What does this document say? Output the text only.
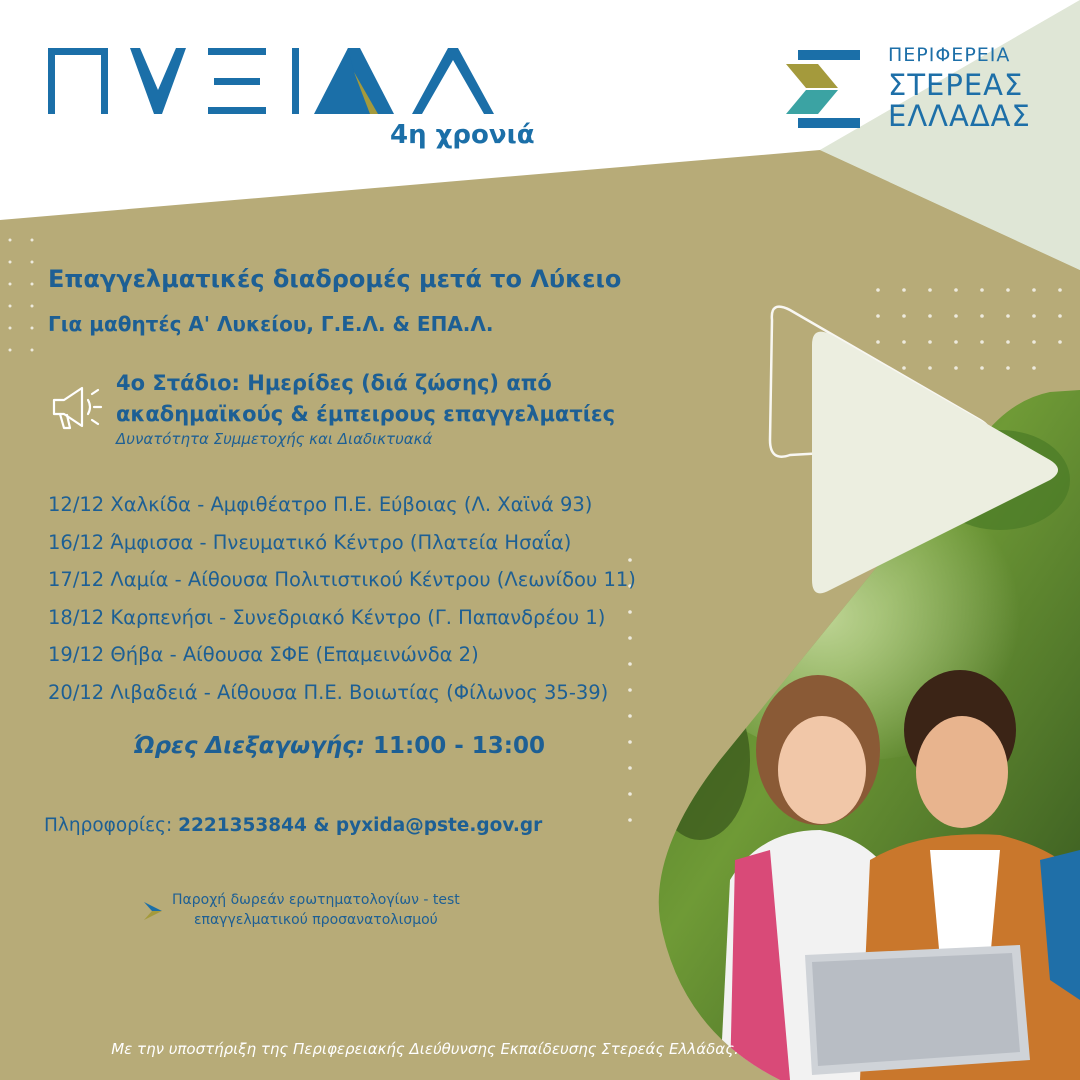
4η χρονιά
ΠΕΡΙΦΕΡΕΙΑ
ΣΤΕΡΕΑΣ
ΕΛΛΑΔΑΣ
Επαγγελματικές διαδρομές μετά το Λύκειο
Για μαθητές Α' Λυκείου, Γ.Ε.Λ. & ΕΠΑ.Λ.
4ο Στάδιο: Ημερίδες (διά ζώσης) από
ακαδημαϊκούς & έμπειρους επαγγελματίες
Δυνατότητα Συμμετοχής και Διαδικτυακά
12/12 Χαλκίδα - Αμφιθέατρο Π.Ε. Εύβοιας (Λ. Χαϊνά 93)
16/12 Άμφισσα - Πνευματικό Κέντρο (Πλατεία Ησαΐα)
17/12 Λαμία - Αίθουσα Πολιτιστικού Κέντρου (Λεωνίδου 11)
18/12 Καρπενήσι - Συνεδριακό Κέντρο (Γ. Παπανδρέου 1)
19/12 Θήβα - Αίθουσα ΣΦΕ (Επαμεινώνδα 2)
20/12 Λιβαδειά - Αίθουσα Π.Ε. Βοιωτίας (Φίλωνος 35-39)
Ώρες Διεξαγωγής: 11:00 - 13:00
Πληροφορίες: 2221353844 & pyxida@pste.gov.gr
Παροχή δωρεάν ερωτηματολογίων - test
επαγγελματικού προσανατολισμού
Με την υποστήριξη της Περιφερειακής Διεύθυνσης Εκπαίδευσης Στερεάς Ελλάδας.
